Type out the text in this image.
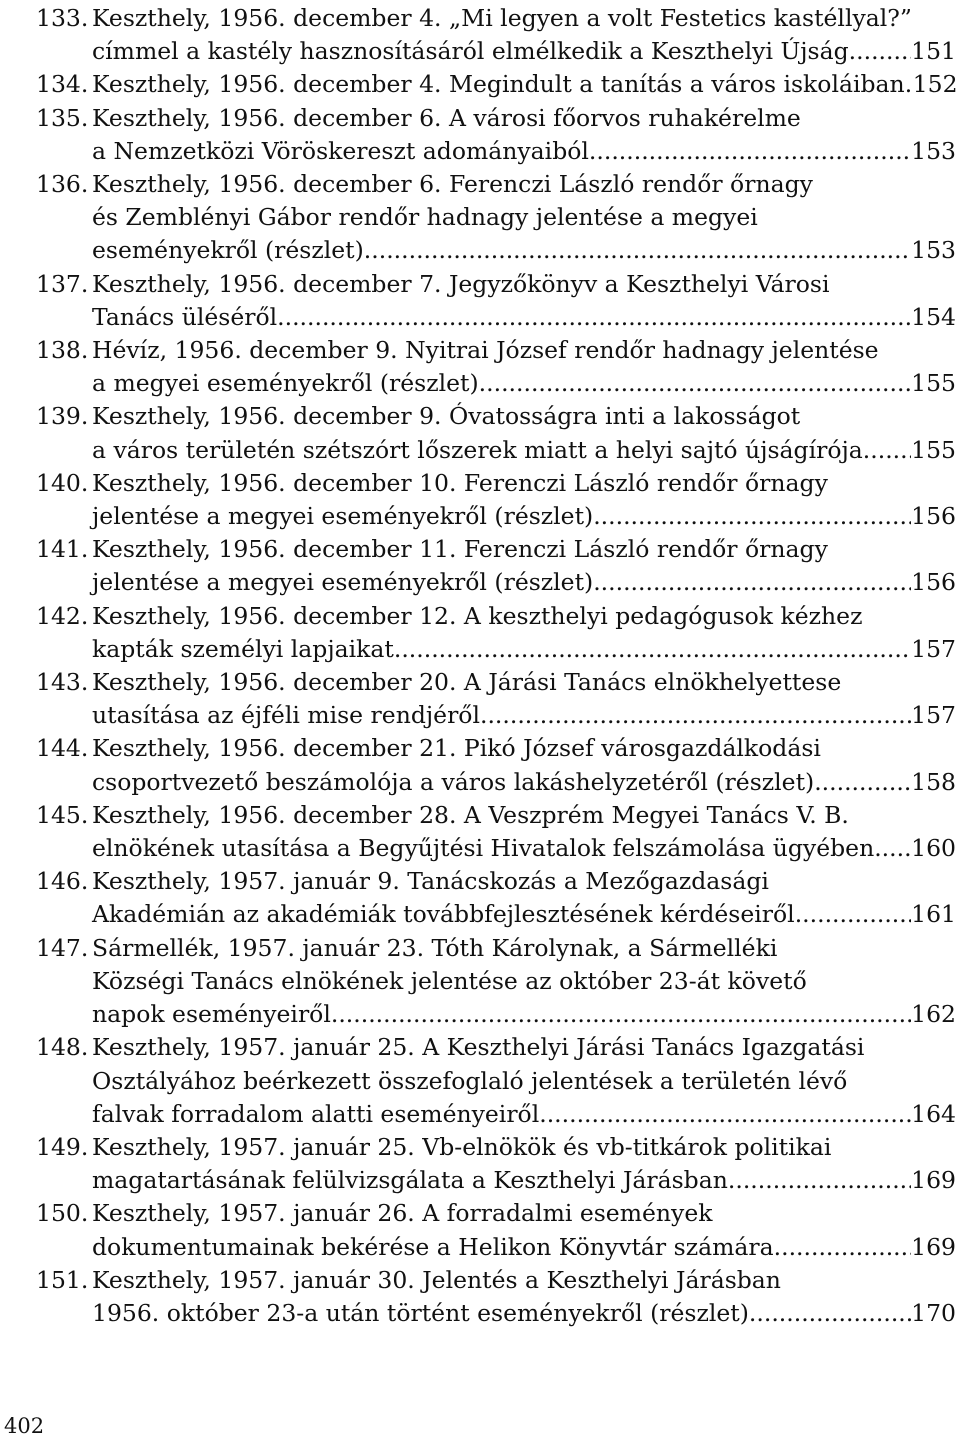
133. Keszthely, 1956. december 4. „Mi legyen a volt Festetics kastéllyal?”
címmel a kastély hasznosításáról elmélkedik a Keszthelyi Újság .....	151
134. Keszthely, 1956. december 4. Megindult a tanítás a város iskoláiban ..... 152
135. Keszthely, 1956. december 6. A városi főorvos ruhakérelme
a Nemzetközi Vöröskereszt adományaiból .....	153
136. Keszthely, 1956. december 6. Ferenczi László rendőr őrnagy
és Zemblényi Gábor rendőr hadnagy jelentése a megyei
eseményekről (részlet) .....	153
137. Keszthely, 1956. december 7. Jegyzőkönyv a Keszthelyi Városi
Tanács üléséről .....	154
138. Hévíz, 1956. december 9. Nyitrai József rendőr hadnagy jelentése
a megyei eseményekről (részlet) .....	155
139. Keszthely, 1956. december 9. Óvatosságra inti a lakosságot
a város területén szétszórt lőszerek miatt a helyi sajtó újságírója ..... 155
140. Keszthely, 1956. december 10. Ferenczi László rendőr őrnagy
jelentése a megyei eseményekről (részlet) .....	156
141. Keszthely, 1956. december 11. Ferenczi László rendőr őrnagy
jelentése a megyei eseményekről (részlet) .....	156
142. Keszthely, 1956. december 12. A keszthelyi pedagógusok kézhez
kapták személyi lapjaikat .....	157
143. Keszthely, 1956. december 20. A Járási Tanács elnökhelyettese
utasítása az éjféli mise rendjéről .....	157
144. Keszthely, 1956. december 21. Pikó József városgazdálkodási
csoportvezető beszámolója a város lakáshelyzetéről (részlet) .....	158
145. Keszthely, 1956. december 28. A Veszprém Megyei Tanács V. B.
elnökének utasítása a Begyűjtési Hivatalok felszámolása ügyében ..... 160
146. Keszthely, 1957. január 9. Tanácskozás a Mezőgazdasági
Akadémián az akadémiák továbbfejlesztésének kérdéseiről .....	161
147. Sármellék, 1957. január 23. Tóth Károlynak, a Sármelléki
Községi Tanács elnökének jelentése az október 23-át követő
napok eseményeiről .....	162
148. Keszthely, 1957. január 25. A Keszthelyi Járási Tanács Igazgatási
Osztályához beérkezett összefoglaló jelentések a területén lévő
falvak forradalom alatti eseményeiről .....	164
149. Keszthely, 1957. január 25. Vb-elnökök és vb-titkárok politikai
magatartásának felülvizsgálata a Keszthelyi Járásban .....	169
150. Keszthely, 1957. január 26. A forradalmi események
dokumentumainak bekérése a Helikon Könyvtár számára .....	169
151. Keszthely, 1957. január 30. Jelentés a Keszthelyi Járásban
1956. október 23-a után történt eseményekről (részlet) .....	170
402
